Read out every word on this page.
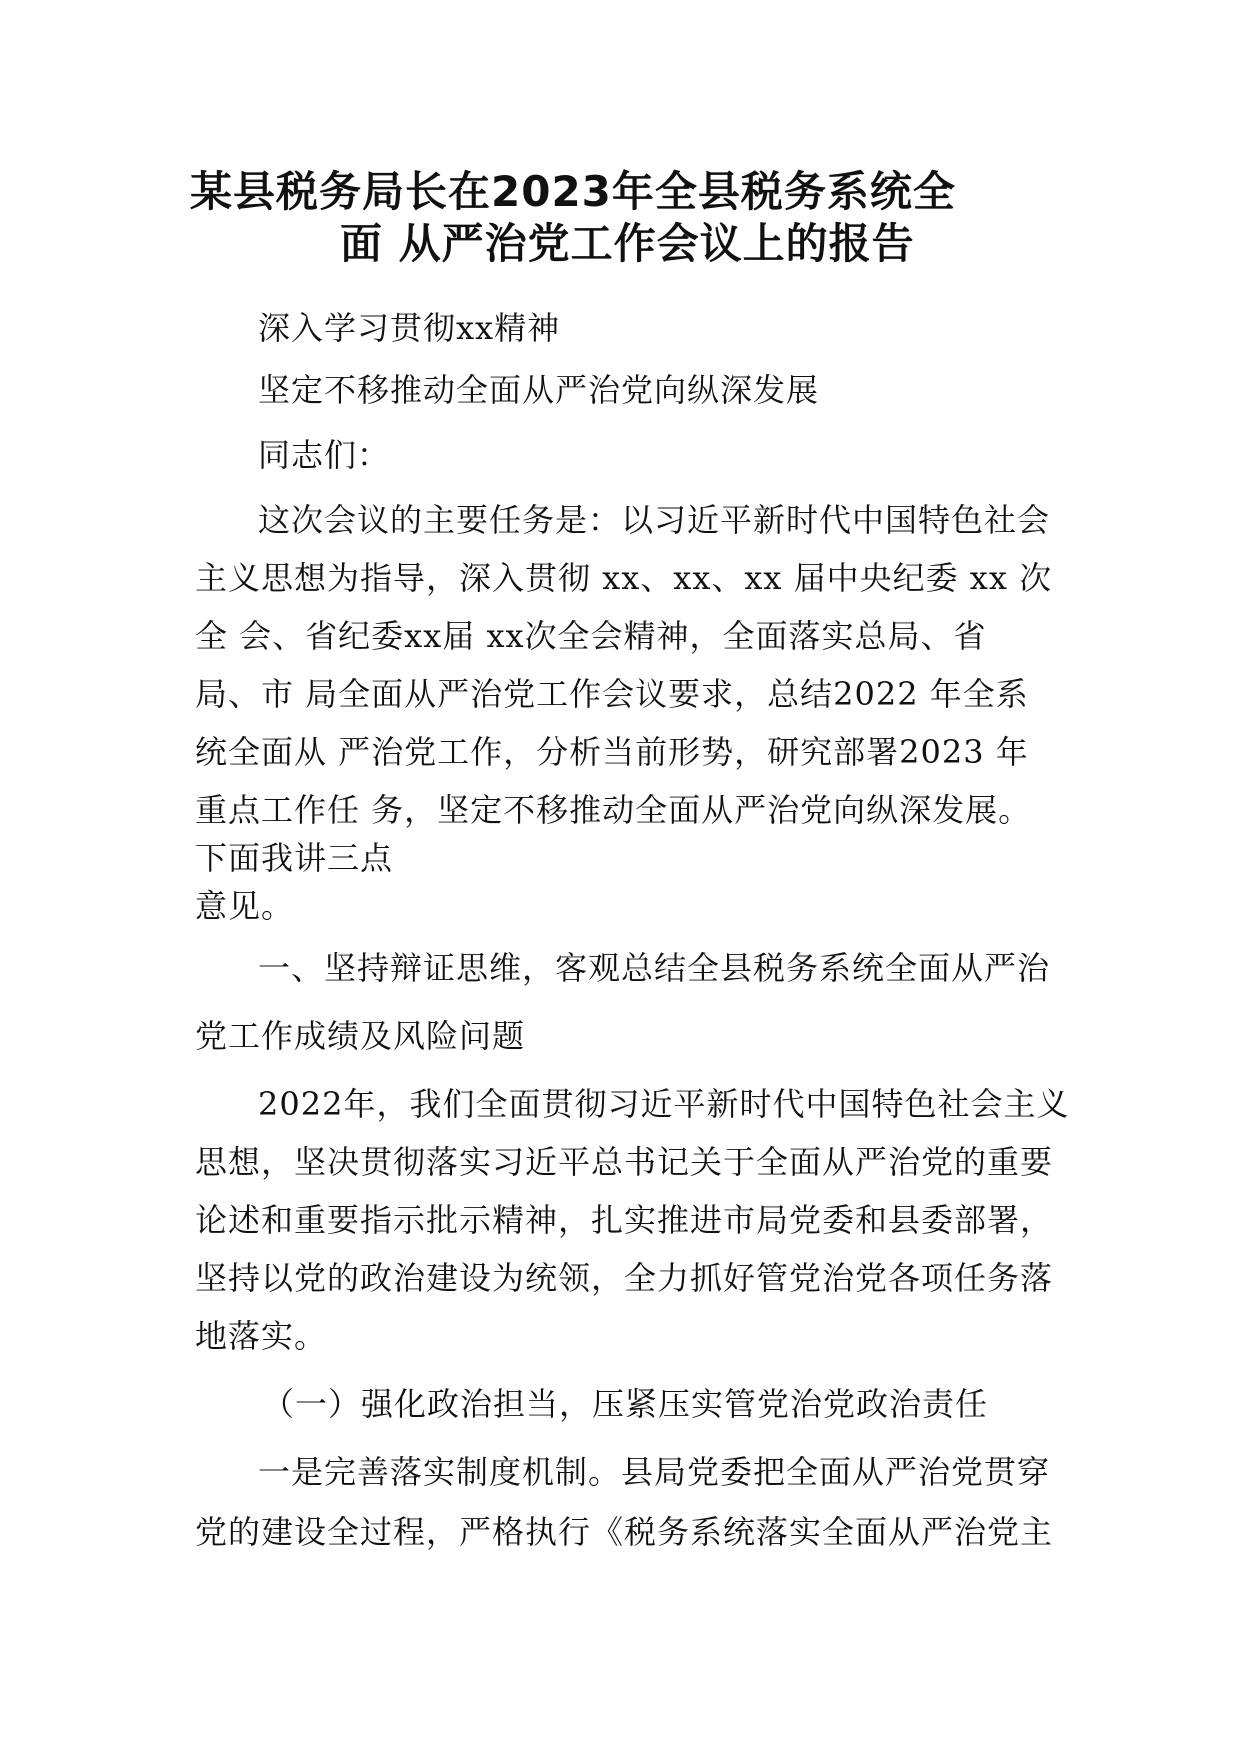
某县税务局长在2023年全县税务系统全
面 从严治党工作会议上的报告
深入学习贯彻xx精神
坚定不移推动全面从严治党向纵深发展
同志们：
这次会议的主要任务是：以习近平新时代中国特色社会
主义思想为指导，深入贯彻 xx、xx、xx 届中央纪委 xx 次
全 会、省纪委xx届 xx次全会精神，全面落实总局、省
局、市 局全面从严治党工作会议要求，总结2022 年全系
统全面从 严治党工作，分析当前形势，研究部署2023 年
重点工作任 务，坚定不移推动全面从严治党向纵深发展。
下面我讲三点
意见。
一、坚持辩证思维，客观总结全县税务系统全面从严治
党工作成绩及风险问题
2022年，我们全面贯彻习近平新时代中国特色社会主义
思想，坚决贯彻落实习近平总书记关于全面从严治党的重要
论述和重要指示批示精神，扎实推进市局党委和县委部署，
坚持以党的政治建设为统领，全力抓好管党治党各项任务落
地落实。
（一）强化政治担当，压紧压实管党治党政治责任
一是完善落实制度机制。县局党委把全面从严治党贯穿
党的建设全过程，严格执行《税务系统落实全面从严治党主
